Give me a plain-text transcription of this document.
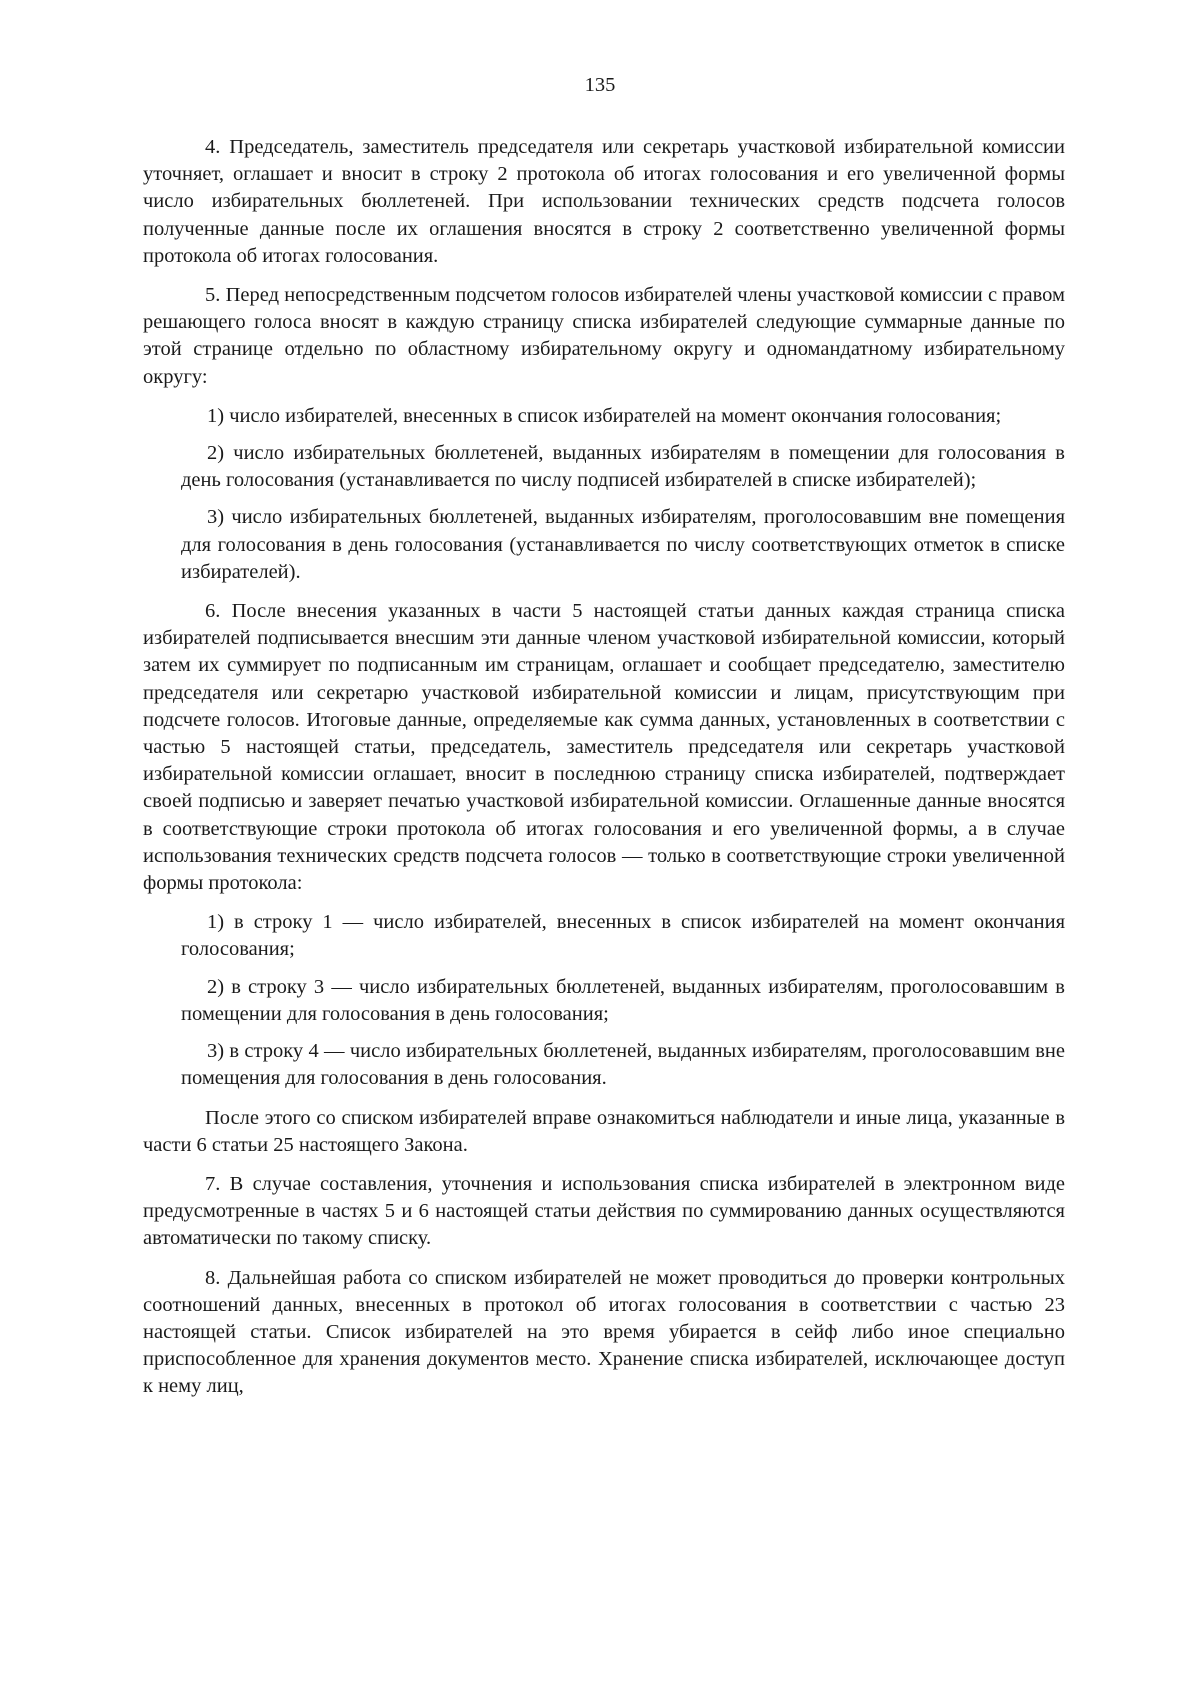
135

4. Председатель, заместитель председателя или секретарь участковой избирательной комиссии уточняет, оглашает и вносит в строку 2 протокола об итогах голосования и его увеличенной формы число избирательных бюллетеней. При использовании технических средств подсчета голосов полученные данные после их оглашения вносятся в строку 2 соответственно увеличенной формы протокола об итогах голосования.

5. Перед непосредственным подсчетом голосов избирателей члены участковой комиссии с правом решающего голоса вносят в каждую страницу списка избирателей следующие суммарные данные по этой странице отдельно по областному избирательному округу и одномандатному избирательному округу:

1) число избирателей, внесенных в список избирателей на момент окончания голосования;

2) число избирательных бюллетеней, выданных избирателям в помещении для голосования в день голосования (устанавливается по числу подписей избирателей в списке избирателей);

3) число избирательных бюллетеней, выданных избирателям, проголосовавшим вне помещения для голосования в день голосования (устанавливается по числу соответствующих отметок в списке избирателей).

6. После внесения указанных в части 5 настоящей статьи данных каждая страница списка избирателей подписывается внесшим эти данные членом участковой избирательной комиссии, который затем их суммирует по подписанным им страницам, оглашает и сообщает председателю, заместителю председателя или секретарю участковой избирательной комиссии и лицам, присутствующим при подсчете голосов. Итоговые данные, определяемые как сумма данных, установленных в соответствии с частью 5 настоящей статьи, председатель, заместитель председателя или секретарь участковой избирательной комиссии оглашает, вносит в последнюю страницу списка избирателей, подтверждает своей подписью и заверяет печатью участковой избирательной комиссии. Оглашенные данные вносятся в соответствующие строки протокола об итогах голосования и его увеличенной формы, а в случае использования технических средств подсчета голосов — только в соответствующие строки увеличенной формы протокола:

1) в строку 1 — число избирателей, внесенных в список избирателей на момент окончания голосования;

2) в строку 3 — число избирательных бюллетеней, выданных избирателям, проголосовавшим в помещении для голосования в день голосования;

3) в строку 4 — число избирательных бюллетеней, выданных избирателям, проголосовавшим вне помещения для голосования в день голосования.

После этого со списком избирателей вправе ознакомиться наблюдатели и иные лица, указанные в части 6 статьи 25 настоящего Закона.

7. В случае составления, уточнения и использования списка избирателей в электронном виде предусмотренные в частях 5 и 6 настоящей статьи действия по суммированию данных осуществляются автоматически по такому списку.

8. Дальнейшая работа со списком избирателей не может проводиться до проверки контрольных соотношений данных, внесенных в протокол об итогах голосования в соответствии с частью 23 настоящей статьи. Список избирателей на это время убирается в сейф либо иное специально приспособленное для хранения документов место. Хранение списка избирателей, исключающее доступ к нему лиц,
